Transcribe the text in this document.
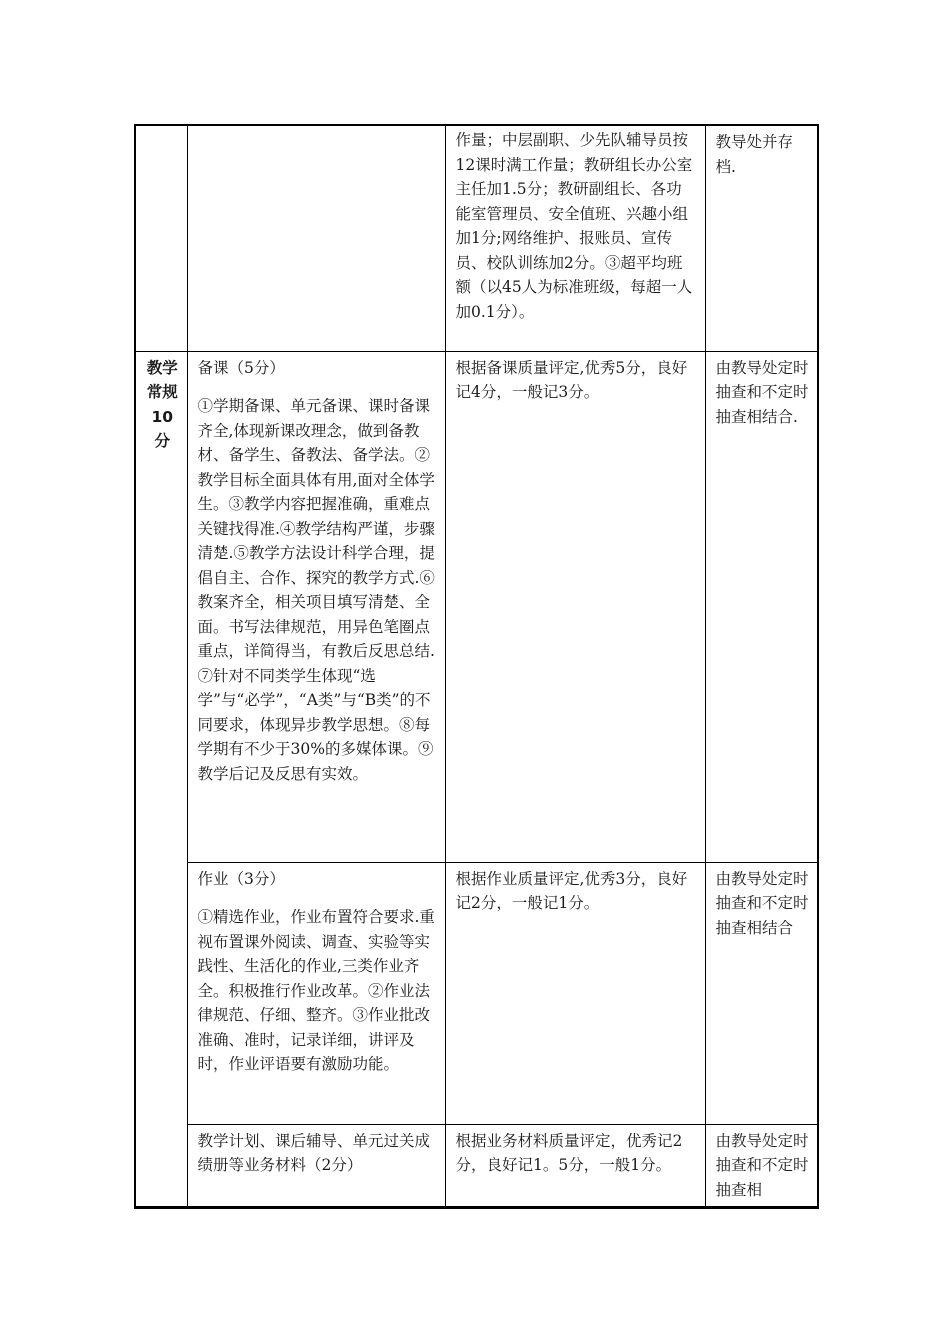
		作量；中层副职、少先队辅导员按12课时满工作量；教研组长办公室主任加1.5分；教研副组长、各功能室管理员、安全值班、兴趣小组加1分;网络维护、报账员、宣传员、校队训练加2分。③超平均班额（以45人为标准班级，每超一人加0.1分）。	教导处并存档.
教学常规10分	备课（5分）
①学期备课、单元备课、课时备课齐全,体现新课改理念，做到备教材、备学生、备教法、备学法。②教学目标全面具体有用,面对全体学生。③教学内容把握准确，重难点关键找得准.④教学结构严谨，步骤清楚.⑤教学方法设计科学合理，提倡自主、合作、探究的教学方式.⑥教案齐全，相关项目填写清楚、全面。书写法律规范，用异色笔圈点重点，详简得当，有教后反思总结.⑦针对不同类学生体现“选学”与“必学”，“A类”与“B类”的不同要求，体现异步教学思想。⑧每学期有不少于30%的多媒体课。⑨教学后记及反思有实效。	根据备课质量评定,优秀5分，良好记4分，一般记3分。	由教导处定时抽查和不定时抽查相结合.

	作业（3分）
①精选作业，作业布置符合要求.重视布置课外阅读、调查、实验等实践性、生活化的作业,三类作业齐全。积极推行作业改革。②作业法律规范、仔细、整齐。③作业批改准确、准时，记录详细，讲评及时，作业评语要有激励功能。	根据作业质量评定,优秀3分，良好记2分，一般记1分。	由教导处定时抽查和不定时抽查相结合
	教学计划、课后辅导、单元过关成绩册等业务材料（2分）	根据业务材料质量评定，优秀记2分，良好记1。5分，一般1分。	由教导处定时抽查和不定时抽查相
